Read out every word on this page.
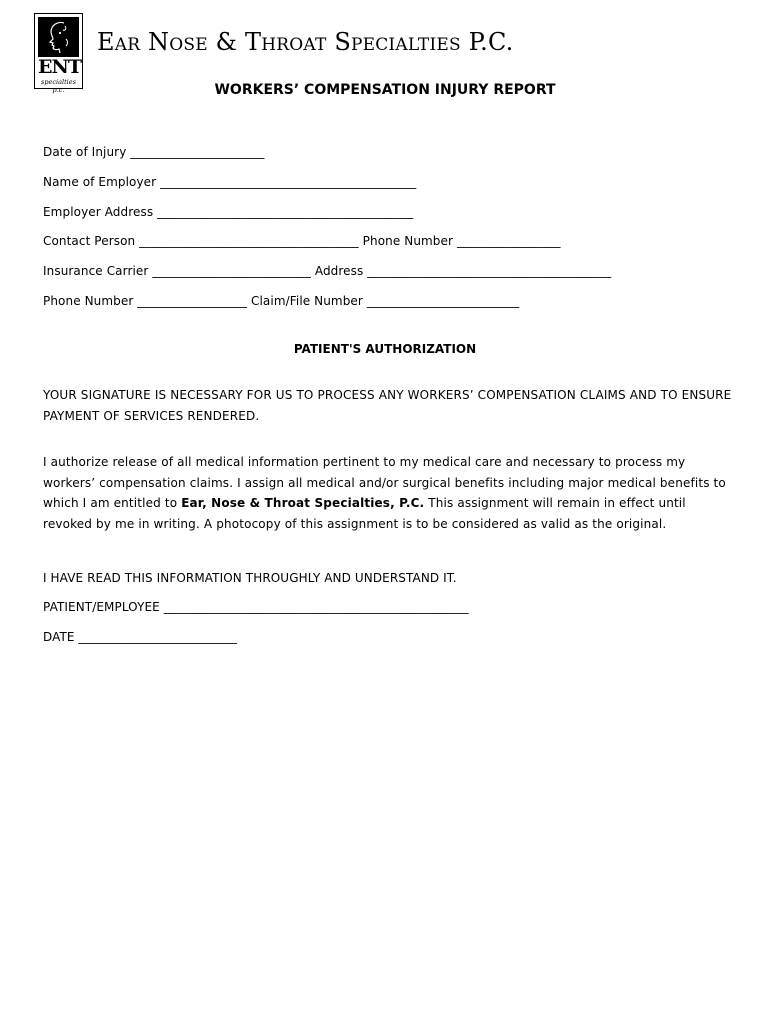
ENT
specialties p.c.
Ear Nose & Throat Specialties P.C.
WORKERS’ COMPENSATION INJURY REPORT
Date of Injury ______________________
Name of Employer __________________________________________
Employer Address __________________________________________
Contact Person ____________________________________ Phone Number _________________
Insurance Carrier __________________________ Address ________________________________________
Phone Number __________________ Claim/File Number _________________________
PATIENT'S AUTHORIZATION
YOUR SIGNATURE IS NECESSARY FOR US TO PROCESS ANY WORKERS’ COMPENSATION CLAIMS AND TO ENSURE PAYMENT OF SERVICES RENDERED.
I authorize release of all medical information pertinent to my medical care and necessary to process my workers’ compensation claims. I assign all medical and/or surgical benefits including major medical benefits to which I am entitled to Ear, Nose & Throat Specialties, P.C. This assignment will remain in effect until revoked by me in writing. A photocopy of this assignment is to be considered as valid as the original.
I HAVE READ THIS INFORMATION THROUGHLY AND UNDERSTAND IT.
PATIENT/EMPLOYEE __________________________________________________
DATE __________________________
